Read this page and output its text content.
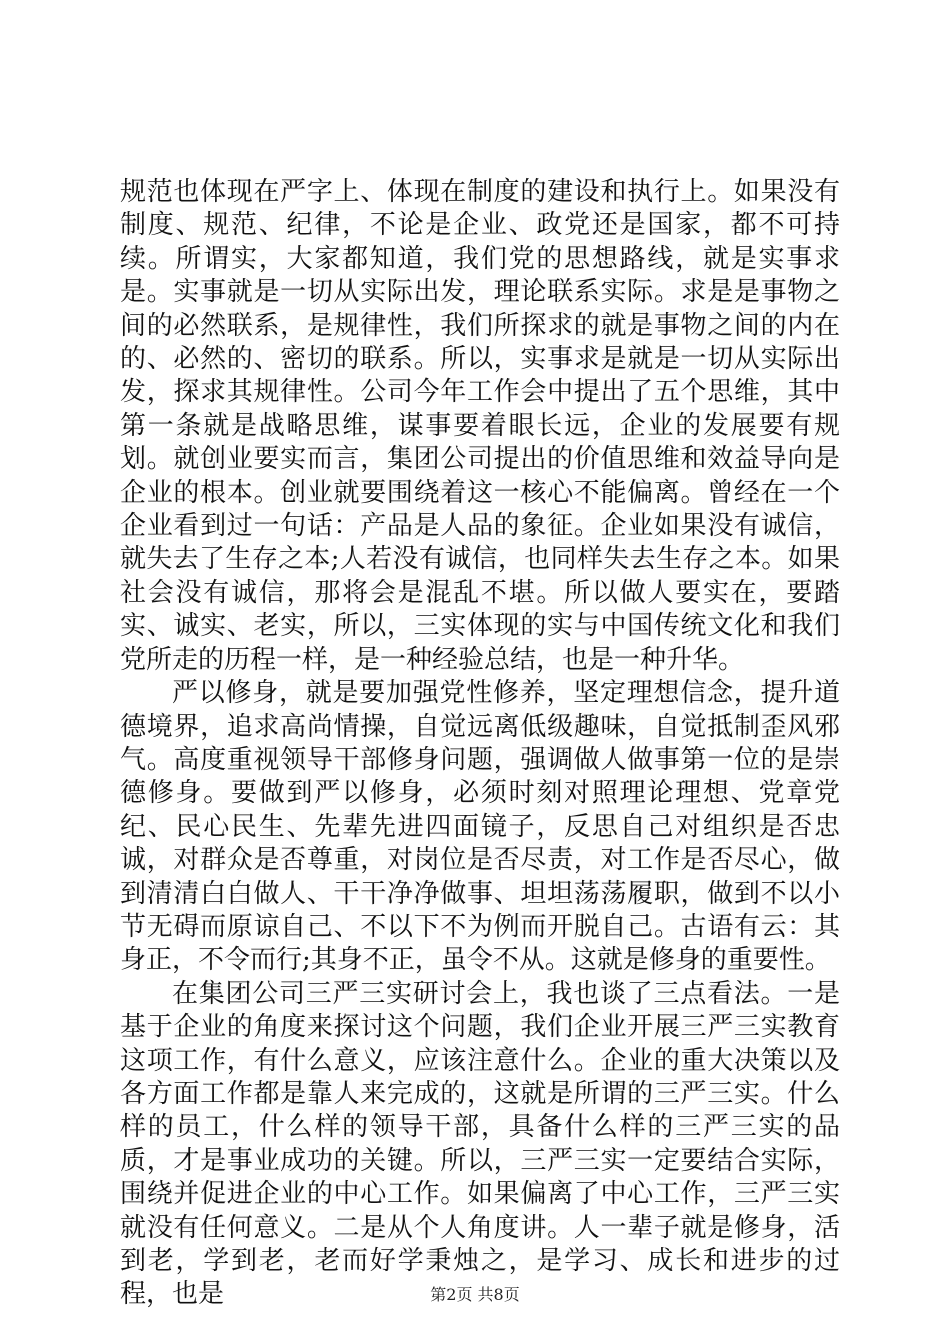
规范也体现在严字上、体现在制度的建设和执行上。如果没有制度、规范、纪律，不论是企业、政党还是国家，都不可持续。所谓实，大家都知道，我们党的思想路线，就是实事求是。实事就是一切从实际出发，理论联系实际。求是是事物之间的必然联系，是规律性，我们所探求的就是事物之间的内在的、必然的、密切的联系。所以，实事求是就是一切从实际出发，探求其规律性。公司今年工作会中提出了五个思维，其中第一条就是战略思维，谋事要着眼长远，企业的发展要有规划。就创业要实而言，集团公司提出的价值思维和效益导向是企业的根本。创业就要围绕着这一核心不能偏离。曾经在一个企业看到过一句话：产品是人品的象征。企业如果没有诚信，就失去了生存之本;人若没有诚信，也同样失去生存之本。如果社会没有诚信，那将会是混乱不堪。所以做人要实在，要踏实、诚实、老实，所以，三实体现的实与中国传统文化和我们党所走的历程一样，是一种经验总结，也是一种升华。

严以修身，就是要加强党性修养，坚定理想信念，提升道德境界，追求高尚情操，自觉远离低级趣味，自觉抵制歪风邪气。高度重视领导干部修身问题，强调做人做事第一位的是崇德修身。要做到严以修身，必须时刻对照理论理想、党章党纪、民心民生、先辈先进四面镜子，反思自己对组织是否忠诚，对群众是否尊重，对岗位是否尽责，对工作是否尽心，做到清清白白做人、干干净净做事、坦坦荡荡履职，做到不以小节无碍而原谅自己、不以下不为例而开脱自己。古语有云：其身正，不令而行;其身不正，虽令不从。这就是修身的重要性。

在集团公司三严三实研讨会上，我也谈了三点看法。一是基于企业的角度来探讨这个问题，我们企业开展三严三实教育这项工作，有什么意义，应该注意什么。企业的重大决策以及各方面工作都是靠人来完成的，这就是所谓的三严三实。什么样的员工，什么样的领导干部，具备什么样的三严三实的品质，才是事业成功的关键。所以，三严三实一定要结合实际，围绕并促进企业的中心工作。如果偏离了中心工作，三严三实就没有任何意义。二是从个人角度讲。人一辈子就是修身，活到老，学到老，老而好学秉烛之，是学习、成长和进步的过程，也是	第2页 共8页
